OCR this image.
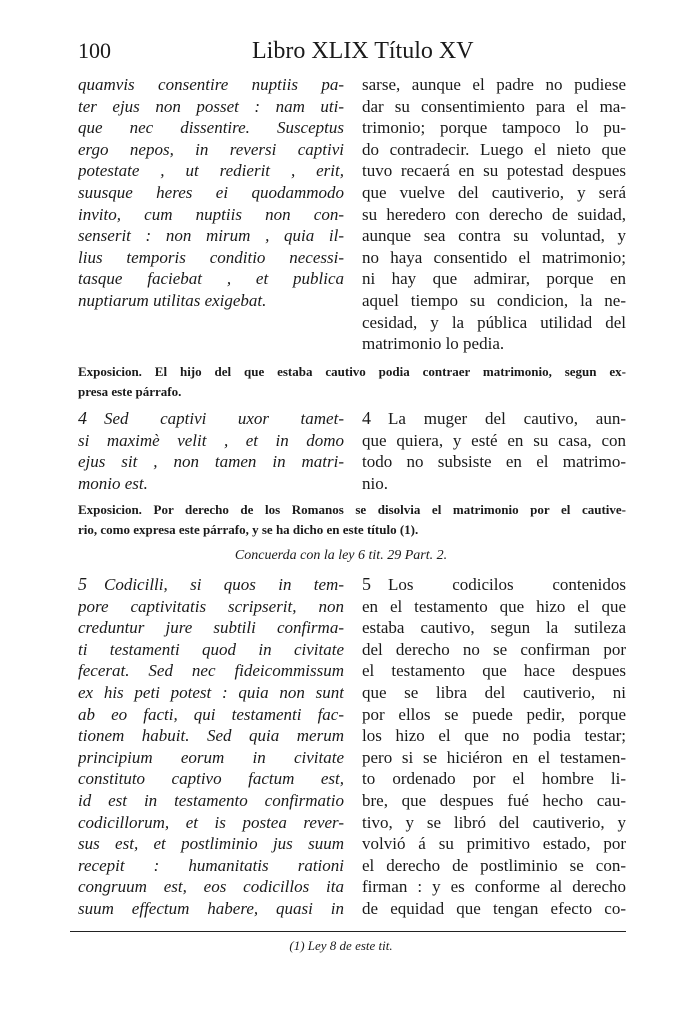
100	Libro XLIX Título XV
quamvis consentire nuptiis pa-
ter ejus non posset : nam uti-
que nec dissentire. Susceptus
ergo nepos, in reversi captivi
potestate , ut redierit , erit,
suusque heres ei quodammodo
invito, cum nuptiis non con-
senserit : non mirum , quia il-
lius temporis conditio necessi-
tasque faciebat , et publica
nuptiarum utilitas exigebat.
sarse, aunque el padre no pudiese
dar su consentimiento para el ma-
trimonio; porque tampoco lo pu-
do contradecir. Luego el nieto que
tuvo recaerá en su potestad despues
que vuelve del cautiverio, y será
su heredero con derecho de suidad,
aunque sea contra su voluntad, y
no haya consentido el matrimonio;
ni hay que admirar, porque en
aquel tiempo su condicion, la ne-
cesidad, y la pública utilidad del
matrimonio lo pedia.
Exposicion. El hijo del que estaba cautivo podia contraer matrimonio, segun ex-
presa este párrafo.
4	Sed captivi uxor tamet-
si maximè velit , et in domo
ejus sit , non tamen in matri-
monio est.
4	La muger del cautivo, aun-
que quiera, y esté en su casa, con
todo no subsiste en el matrimo-
nio.
Exposicion. Por derecho de los Romanos se disolvia el matrimonio por el cautive-
rio, como expresa este párrafo, y se ha dicho en este título (1).
Concuerda con la ley 6 tit. 29 Part. 2.
5	Codicilli, si quos in tem-
pore captivitatis scripserit, non
creduntur jure subtili confirma-
ti testamenti quod in civitate
fecerat. Sed nec fideicommissum
ex his peti potest : quia non sunt
ab eo facti, qui testamenti fac-
tionem habuit. Sed quia merum
principium eorum in civitate
constituto captivo factum est,
id est in testamento confirmatio
codicillorum, et is postea rever-
sus est, et postliminio jus suum
recepit : humanitatis rationi
congruum est, eos codicillos ita
suum effectum habere, quasi in
5	Los codicilos contenidos
en el testamento que hizo el que
estaba cautivo, segun la sutileza
del derecho no se confirman por
el testamento que hace despues
que se libra del cautiverio, ni
por ellos se puede pedir, porque
los hizo el que no podia testar;
pero si se hiciéron en el testamen-
to ordenado por el hombre li-
bre, que despues fué hecho cau-
tivo, y se libró del cautiverio, y
volvió á su primitivo estado, por
el derecho de postliminio se con-
firman : y es conforme al derecho
de equidad que tengan efecto co-
(1) Ley 8 de este tit.
